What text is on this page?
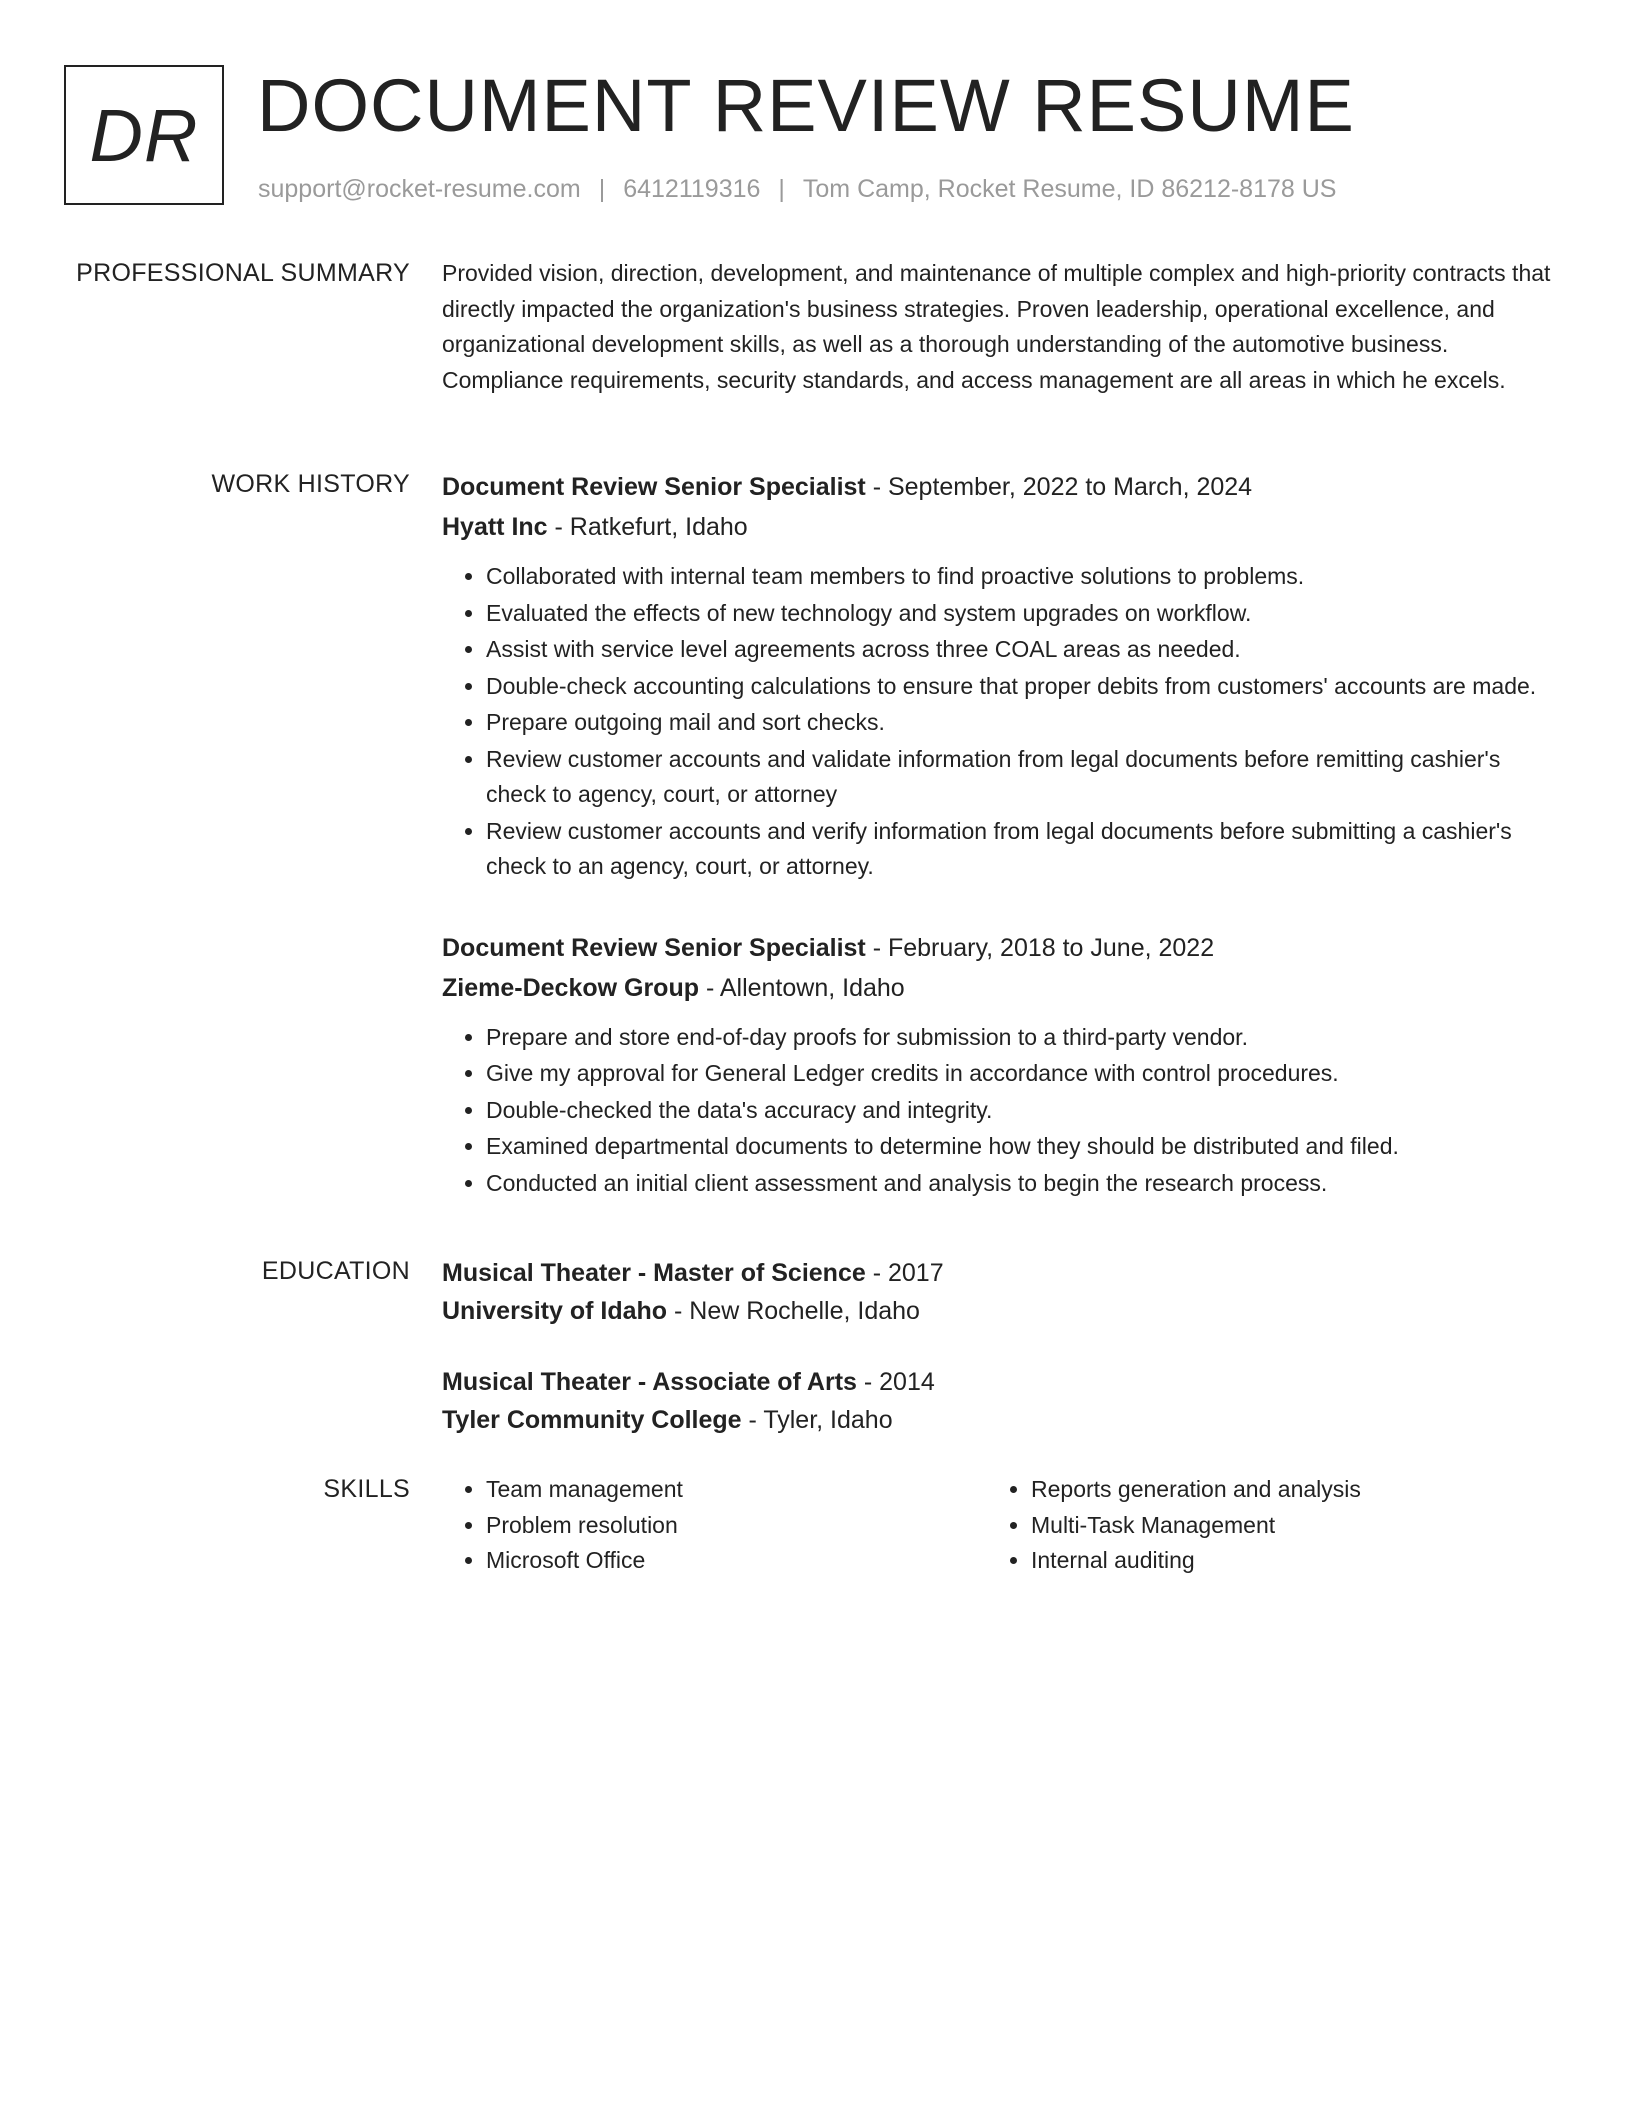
DR DOCUMENT REVIEW RESUME
support@rocket-resume.com | 6412119316 | Tom Camp, Rocket Resume, ID 86212-8178 US
PROFESSIONAL SUMMARY Provided vision, direction, development, and maintenance of multiple complex and high-priority contracts that directly impacted the organization's business strategies. Proven leadership, operational excellence, and organizational development skills, as well as a thorough understanding of the automotive business. Compliance requirements, security standards, and access management are all areas in which he excels.

WORK HISTORY Document Review Senior Specialist - September, 2022 to March, 2024
Hyatt Inc - Ratkefurt, Idaho
• Collaborated with internal team members to find proactive solutions to problems.
• Evaluated the effects of new technology and system upgrades on workflow.
• Assist with service level agreements across three COAL areas as needed.
• Double-check accounting calculations to ensure that proper debits from customers' accounts are made.
• Prepare outgoing mail and sort checks.
• Review customer accounts and validate information from legal documents before remitting cashier's check to agency, court, or attorney
• Review customer accounts and verify information from legal documents before submitting a cashier's check to an agency, court, or attorney.
Document Review Senior Specialist - February, 2018 to June, 2022
Zieme-Deckow Group - Allentown, Idaho
• Prepare and store end-of-day proofs for submission to a third-party vendor.
• Give my approval for General Ledger credits in accordance with control procedures.
• Double-checked the data's accuracy and integrity.
• Examined departmental documents to determine how they should be distributed and filed.
• Conducted an initial client assessment and analysis to begin the research process.
EDUCATION Musical Theater - Master of Science - 2017
University of Idaho - New Rochelle, Idaho
Musical Theater - Associate of Arts - 2014
Tyler Community College - Tyler, Idaho
SKILLS
•	Team management
• Problem resolution
• Microsoft Office
• Reports generation and analysis
• Multi-Task Management
• Internal auditing
